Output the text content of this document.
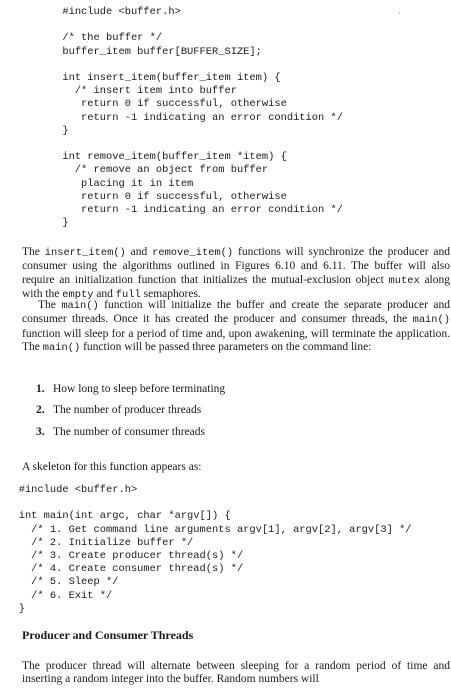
·
#include <buffer.h>

/* the buffer */
buffer_item buffer[BUFFER_SIZE];

int insert_item(buffer_item item) {
/* insert item into buffer
return 0 if successful, otherwise
return -1 indicating an error condition */
}

int remove_item(buffer_item *item) {
/* remove an object from buffer
placing it in item
return 0 if successful, otherwise
return -1 indicating an error condition */
}

The insert_item() and remove_item() functions will synchronize the producer and consumer using the algorithms outlined in Figures 6.10 and 6.11. The buffer will also require an initialization function that initializes the mutual-exclusion object mutex along with the empty and full semaphores.

The main() function will initialize the buffer and create the separate producer and consumer threads. Once it has created the producer and consumer threads, the main() function will sleep for a period of time and, upon awakening, will terminate the application. The main() function will be passed three parameters on the command line:

1. How long to sleep before terminating
2. The number of producer threads
3. The number of consumer threads

A skeleton for this function appears as:

#include <buffer.h>

int main(int argc, char *argv[]) {
/* 1. Get command line arguments argv[1], argv[2], argv[3] */
/* 2. Initialize buffer */
/* 3. Create producer thread(s) */
/* 4. Create consumer thread(s) */
/* 5. Sleep */
/* 6. Exit */
}
Producer and Consumer Threads

The producer thread will alternate between sleeping for a random period of time and inserting a random integer into the buffer. Random numbers will
